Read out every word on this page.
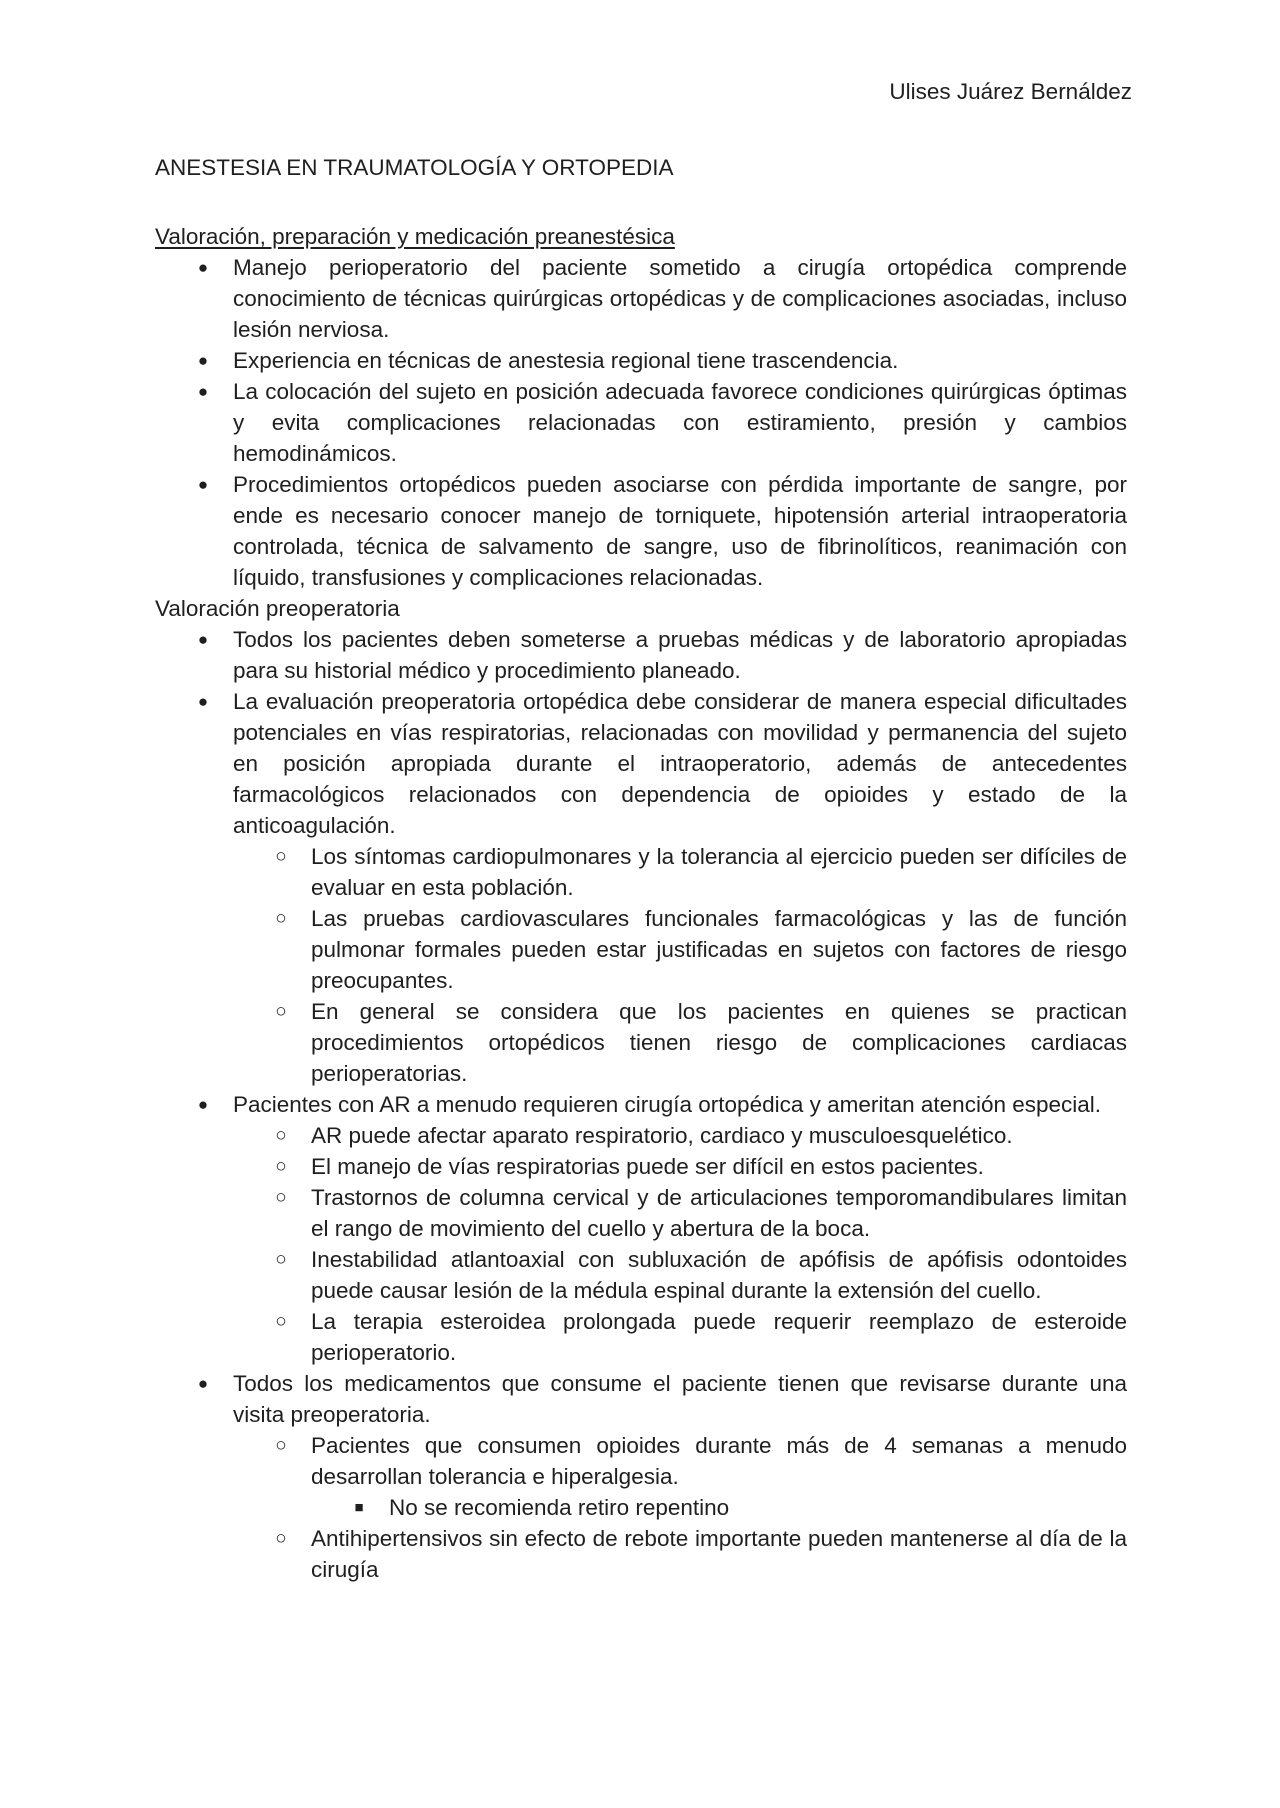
Ulises Juárez Bernáldez

ANESTESIA EN TRAUMATOLOGÍA Y ORTOPEDIA
Valoración, preparación y medicación preanestésica
● Manejo perioperatorio del paciente sometido a cirugía ortopédica comprende conocimiento de técnicas quirúrgicas ortopédicas y de complicaciones asociadas, incluso lesión nerviosa.
● Experiencia en técnicas de anestesia regional tiene trascendencia.
● La colocación del sujeto en posición adecuada favorece condiciones quirúrgicas óptimas y evita complicaciones relacionadas con estiramiento, presión y cambios hemodinámicos.
● Procedimientos ortopédicos pueden asociarse con pérdida importante de sangre, por ende es necesario conocer manejo de torniquete, hipotensión arterial intraoperatoria controlada, técnica de salvamento de sangre, uso de fibrinolíticos, reanimación con líquido, transfusiones y complicaciones relacionadas.
Valoración preoperatoria
● Todos los pacientes deben someterse a pruebas médicas y de laboratorio apropiadas para su historial médico y procedimiento planeado.
● La evaluación preoperatoria ortopédica debe considerar de manera especial dificultades potenciales en vías respiratorias, relacionadas con movilidad y permanencia del sujeto en posición apropiada durante el intraoperatorio, además de antecedentes farmacológicos relacionados con dependencia de opioides y estado de la anticoagulación.
○ Los síntomas cardiopulmonares y la tolerancia al ejercicio pueden ser difíciles de evaluar en esta población.
○ Las pruebas cardiovasculares funcionales farmacológicas y las de función pulmonar formales pueden estar justificadas en sujetos con factores de riesgo preocupantes.
○ En general se considera que los pacientes en quienes se practican procedimientos ortopédicos tienen riesgo de complicaciones cardiacas perioperatorias.
● Pacientes con AR a menudo requieren cirugía ortopédica y ameritan atención especial.
○ AR puede afectar aparato respiratorio, cardiaco y musculoesquelético.
○ El manejo de vías respiratorias puede ser difícil en estos pacientes.
○ Trastornos de columna cervical y de articulaciones temporomandibulares limitan el rango de movimiento del cuello y abertura de la boca.
○ Inestabilidad atlantoaxial con subluxación de apófisis de apófisis odontoides puede causar lesión de la médula espinal durante la extensión del cuello.
○ La terapia esteroidea prolongada puede requerir reemplazo de esteroide perioperatorio.
● Todos los medicamentos que consume el paciente tienen que revisarse durante una visita preoperatoria.
○ Pacientes que consumen opioides durante más de 4 semanas a menudo desarrollan tolerancia e hiperalgesia.
■ No se recomienda retiro repentino
○ Antihipertensivos sin efecto de rebote importante pueden mantenerse al día de la cirugía
